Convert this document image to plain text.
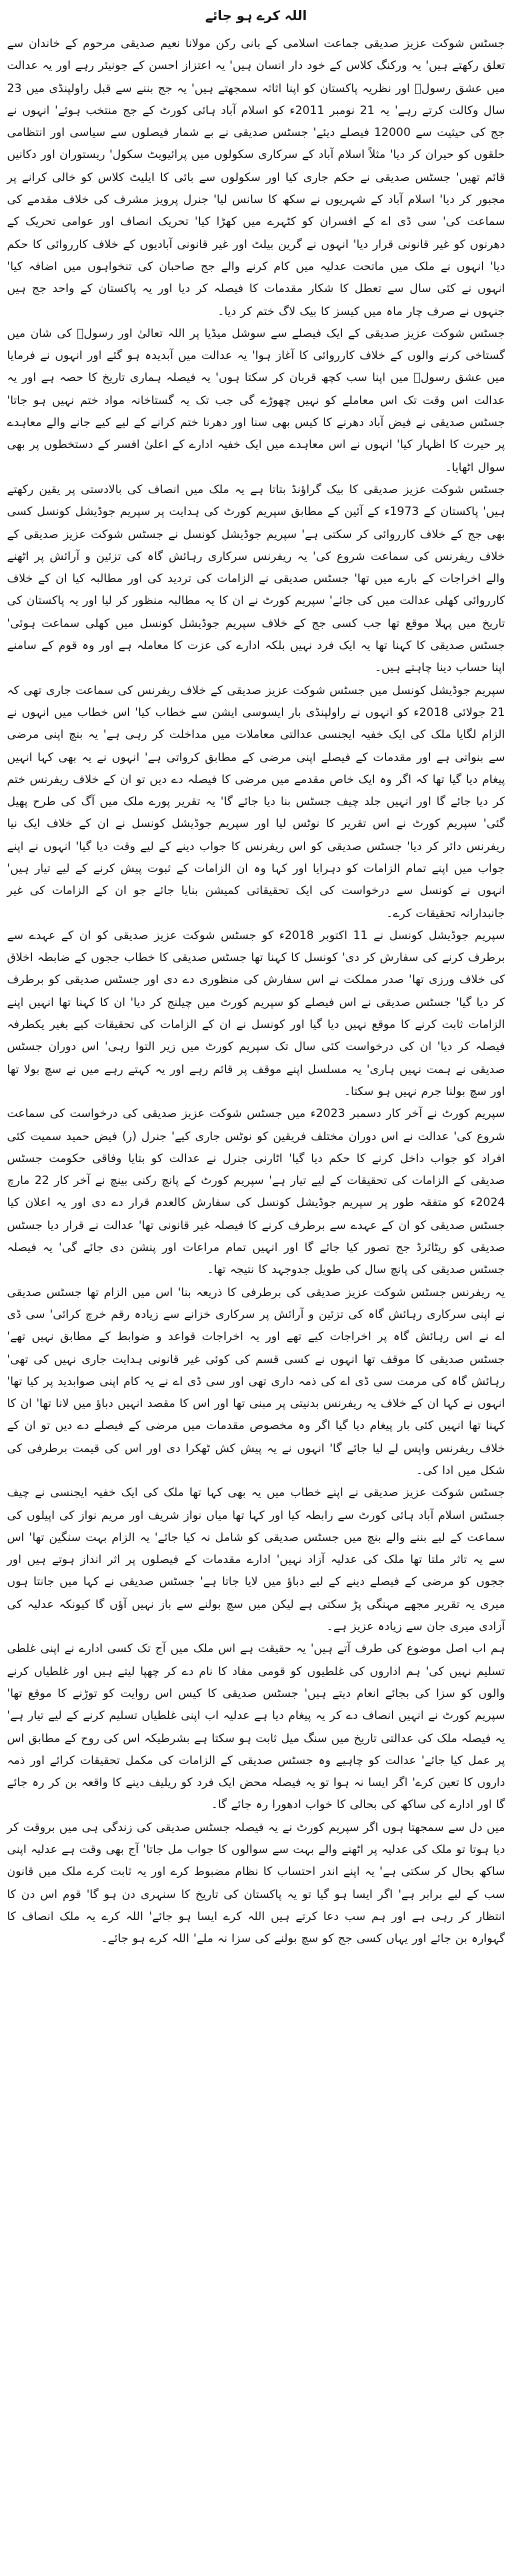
اللہ کرے ہو جائے

جسٹس شوکت عزیز صدیقی جماعت اسلامی کے بانی رکن مولانا نعیم صدیقی مرحوم کے خاندان سے تعلق رکھتے ہیں' یہ ورکنگ کلاس کے خود دار انسان ہیں' یہ اعتزاز احسن کے جونیئر رہے اور یہ عدالت میں عشق رسولؐ اور نظریہ پاکستان کو اپنا اثاثہ سمجھتے ہیں' یہ جج بننے سے قبل راولپنڈی میں 23 سال وکالت کرتے رہے' یہ 21 نومبر 2011ء کو اسلام آباد ہائی کورٹ کے جج منتخب ہوئے' انہوں نے جج کی حیثیت سے 12000 فیصلے دیئے' جسٹس صدیقی نے بے شمار فیصلوں سے سیاسی اور انتظامی حلقوں کو حیران کر دیا' مثلاً اسلام آباد کے سرکاری سکولوں میں پرائیویٹ سکول' ریستوران اور دکانیں قائم تھیں' جسٹس صدیقی نے حکم جاری کیا اور سکولوں سے بائی کا ایلیٹ کلاس کو خالی کرانے پر مجبور کر دیا' اسلام آباد کے شہریوں نے سکھ کا سانس لیا' جنرل پرویز مشرف کی خلاف مقدمے کی سماعت کی' سی ڈی اے کے افسران کو کٹہرے میں کھڑا کیا' تحریک انصاف اور عوامی تحریک کے دھرنوں کو غیر قانونی قرار دیا' انہوں نے گرین بیلٹ اور غیر قانونی آبادیوں کے خلاف کارروائی کا حکم دیا' انہوں نے ملک میں ماتحت عدلیہ میں کام کرنے والے جج صاحبان کی تنخواہوں میں اضافہ کیا' انہوں نے کئی سال سے تعطل کا شکار مقدمات کا فیصلہ کر دیا اور یہ پاکستان کے واحد جج ہیں جنہوں نے صرف چار ماہ میں کیسز کا بیک لاگ ختم کر دیا۔

جسٹس شوکت عزیز صدیقی کے ایک فیصلے سے سوشل میڈیا پر اللہ تعالیٰ اور رسولؐ کی شان میں گستاخی کرنے والوں کے خلاف کارروائی کا آغاز ہوا' یہ عدالت میں آبدیدہ ہو گئے اور انہوں نے فرمایا میں عشق رسولؐ میں اپنا سب کچھ قربان کر سکتا ہوں' یہ فیصلہ ہماری تاریخ کا حصہ ہے اور یہ عدالت اس وقت تک اس معاملے کو نہیں چھوڑے گی جب تک یہ گستاخانہ مواد ختم نہیں ہو جاتا' جسٹس صدیقی نے فیض آباد دھرنے کا کیس بھی سنا اور دھرنا ختم کرانے کے لیے کیے جانے والے معاہدے پر حیرت کا اظہار کیا' انہوں نے اس معاہدے میں ایک خفیہ ادارے کے اعلیٰ افسر کے دستخطوں پر بھی سوال اٹھایا۔

جسٹس شوکت عزیز صدیقی کا بیک گراؤنڈ بتاتا ہے یہ ملک میں انصاف کی بالادستی پر یقین رکھتے ہیں' پاکستان کے 1973ء کے آئین کے مطابق سپریم کورٹ کی ہدایت پر سپریم جوڈیشل کونسل کسی بھی جج کے خلاف کارروائی کر سکتی ہے' سپریم جوڈیشل کونسل نے جسٹس شوکت عزیز صدیقی کے خلاف ریفرنس کی سماعت شروع کی' یہ ریفرنس سرکاری رہائش گاہ کی تزئین و آرائش پر اٹھنے والے اخراجات کے بارے میں تھا' جسٹس صدیقی نے الزامات کی تردید کی اور مطالبہ کیا ان کے خلاف کارروائی کھلی عدالت میں کی جائے' سپریم کورٹ نے ان کا یہ مطالبہ منظور کر لیا اور یہ پاکستان کی تاریخ میں پہلا موقع تھا جب کسی جج کے خلاف سپریم جوڈیشل کونسل میں کھلی سماعت ہوئی' جسٹس صدیقی کا کہنا تھا یہ ایک فرد نہیں بلکہ ادارے کی عزت کا معاملہ ہے اور وہ قوم کے سامنے اپنا حساب دینا چاہتے ہیں۔

سپریم جوڈیشل کونسل میں جسٹس شوکت عزیز صدیقی کے خلاف ریفرنس کی سماعت جاری تھی کہ 21 جولائی 2018ء کو انہوں نے راولپنڈی بار ایسوسی ایشن سے خطاب کیا' اس خطاب میں انہوں نے الزام لگایا ملک کی ایک خفیہ ایجنسی عدالتی معاملات میں مداخلت کر رہی ہے' یہ بنچ اپنی مرضی سے بنواتی ہے اور مقدمات کے فیصلے اپنی مرضی کے مطابق کرواتی ہے' انہوں نے یہ بھی کہا انہیں پیغام دیا گیا تھا کہ اگر وہ ایک خاص مقدمے میں مرضی کا فیصلہ دے دیں تو ان کے خلاف ریفرنس ختم کر دیا جائے گا اور انہیں جلد چیف جسٹس بنا دیا جائے گا' یہ تقریر پورے ملک میں آگ کی طرح پھیل گئی' سپریم کورٹ نے اس تقریر کا نوٹس لیا اور سپریم جوڈیشل کونسل نے ان کے خلاف ایک نیا ریفرنس دائر کر دیا' جسٹس صدیقی کو اس ریفرنس کا جواب دینے کے لیے وقت دیا گیا' انہوں نے اپنے جواب میں اپنے تمام الزامات کو دہرایا اور کہا وہ ان الزامات کے ثبوت پیش کرنے کے لیے تیار ہیں' انہوں نے کونسل سے درخواست کی ایک تحقیقاتی کمیشن بنایا جائے جو ان کے الزامات کی غیر جانبدارانہ تحقیقات کرے۔

سپریم جوڈیشل کونسل نے 11 اکتوبر 2018ء کو جسٹس شوکت عزیز صدیقی کو ان کے عہدے سے برطرف کرنے کی سفارش کر دی' کونسل کا کہنا تھا جسٹس صدیقی کا خطاب ججوں کے ضابطہ اخلاق کی خلاف ورزی تھا' صدر مملکت نے اس سفارش کی منظوری دے دی اور جسٹس صدیقی کو برطرف کر دیا گیا' جسٹس صدیقی نے اس فیصلے کو سپریم کورٹ میں چیلنج کر دیا' ان کا کہنا تھا انہیں اپنے الزامات ثابت کرنے کا موقع نہیں دیا گیا اور کونسل نے ان کے الزامات کی تحقیقات کیے بغیر یکطرفہ فیصلہ کر دیا' ان کی درخواست کئی سال تک سپریم کورٹ میں زیر التوا رہی' اس دوران جسٹس صدیقی نے ہمت نہیں ہاری' یہ مسلسل اپنے موقف پر قائم رہے اور یہ کہتے رہے میں نے سچ بولا تھا اور سچ بولنا جرم نہیں ہو سکتا۔

سپریم کورٹ نے آخر کار دسمبر 2023ء میں جسٹس شوکت عزیز صدیقی کی درخواست کی سماعت شروع کی' عدالت نے اس دوران مختلف فریقین کو نوٹس جاری کیے' جنرل (ر) فیض حمید سمیت کئی افراد کو جواب داخل کرنے کا حکم دیا گیا' اٹارنی جنرل نے عدالت کو بتایا وفاقی حکومت جسٹس صدیقی کے الزامات کی تحقیقات کے لیے تیار ہے' سپریم کورٹ کے پانچ رکنی بینچ نے آخر کار 22 مارچ 2024ء کو متفقہ طور پر سپریم جوڈیشل کونسل کی سفارش کالعدم قرار دے دی اور یہ اعلان کیا جسٹس صدیقی کو ان کے عہدے سے برطرف کرنے کا فیصلہ غیر قانونی تھا' عدالت نے قرار دیا جسٹس صدیقی کو ریٹائرڈ جج تصور کیا جائے گا اور انہیں تمام مراعات اور پنشن دی جائے گی' یہ فیصلہ جسٹس صدیقی کی پانچ سال کی طویل جدوجہد کا نتیجہ تھا۔

یہ ریفرنس جسٹس شوکت عزیز صدیقی کی برطرفی کا ذریعہ بنا' اس میں الزام تھا جسٹس صدیقی نے اپنی سرکاری رہائش گاہ کی تزئین و آرائش پر سرکاری خزانے سے زیادہ رقم خرچ کرائی' سی ڈی اے نے اس رہائش گاہ پر اخراجات کیے تھے اور یہ اخراجات قواعد و ضوابط کے مطابق نہیں تھے' جسٹس صدیقی کا موقف تھا انہوں نے کسی قسم کی کوئی غیر قانونی ہدایت جاری نہیں کی تھی' رہائش گاہ کی مرمت سی ڈی اے کی ذمہ داری تھی اور سی ڈی اے نے یہ کام اپنی صوابدید پر کیا تھا' انہوں نے کہا ان کے خلاف یہ ریفرنس بدنیتی پر مبنی تھا اور اس کا مقصد انہیں دباؤ میں لانا تھا' ان کا کہنا تھا انہیں کئی بار پیغام دیا گیا اگر وہ مخصوص مقدمات میں مرضی کے فیصلے دے دیں تو ان کے خلاف ریفرنس واپس لے لیا جائے گا' انہوں نے یہ پیش کش ٹھکرا دی اور اس کی قیمت برطرفی کی شکل میں ادا کی۔

جسٹس شوکت عزیز صدیقی نے اپنے خطاب میں یہ بھی کہا تھا ملک کی ایک خفیہ ایجنسی نے چیف جسٹس اسلام آباد ہائی کورٹ سے رابطہ کیا اور کہا تھا میاں نواز شریف اور مریم نواز کی اپیلوں کی سماعت کے لیے بننے والے بنچ میں جسٹس صدیقی کو شامل نہ کیا جائے' یہ الزام بہت سنگین تھا' اس سے یہ تاثر ملتا تھا ملک کی عدلیہ آزاد نہیں' ادارے مقدمات کے فیصلوں پر اثر انداز ہوتے ہیں اور ججوں کو مرضی کے فیصلے دینے کے لیے دباؤ میں لایا جاتا ہے' جسٹس صدیقی نے کہا میں جانتا ہوں میری یہ تقریر مجھے مہنگی پڑ سکتی ہے لیکن میں سچ بولنے سے باز نہیں آؤں گا کیونکہ عدلیہ کی آزادی میری جان سے زیادہ عزیز ہے۔

ہم اب اصل موضوع کی طرف آتے ہیں' یہ حقیقت ہے اس ملک میں آج تک کسی ادارے نے اپنی غلطی تسلیم نہیں کی' ہم اداروں کی غلطیوں کو قومی مفاد کا نام دے کر چھپا لیتے ہیں اور غلطیاں کرنے والوں کو سزا کی بجائے انعام دیتے ہیں' جسٹس صدیقی کا کیس اس روایت کو توڑنے کا موقع تھا' سپریم کورٹ نے انہیں انصاف دے کر یہ پیغام دیا ہے عدلیہ اب اپنی غلطیاں تسلیم کرنے کے لیے تیار ہے' یہ فیصلہ ملک کی عدالتی تاریخ میں سنگ میل ثابت ہو سکتا ہے بشرطیکہ اس کی روح کے مطابق اس پر عمل کیا جائے' عدالت کو چاہیے وہ جسٹس صدیقی کے الزامات کی مکمل تحقیقات کرائے اور ذمہ داروں کا تعین کرے' اگر ایسا نہ ہوا تو یہ فیصلہ محض ایک فرد کو ریلیف دینے کا واقعہ بن کر رہ جائے گا اور ادارے کی ساکھ کی بحالی کا خواب ادھورا رہ جائے گا۔

میں دل سے سمجھتا ہوں اگر سپریم کورٹ نے یہ فیصلہ جسٹس صدیقی کی زندگی ہی میں بروقت کر دیا ہوتا تو ملک کی عدلیہ پر اٹھنے والے بہت سے سوالوں کا جواب مل جاتا' آج بھی وقت ہے عدلیہ اپنی ساکھ بحال کر سکتی ہے' یہ اپنے اندر احتساب کا نظام مضبوط کرے اور یہ ثابت کرے ملک میں قانون سب کے لیے برابر ہے' اگر ایسا ہو گیا تو یہ پاکستان کی تاریخ کا سنہری دن ہو گا' قوم اس دن کا انتظار کر رہی ہے اور ہم سب دعا کرتے ہیں اللہ کرے ایسا ہو جائے' اللہ کرے یہ ملک انصاف کا گہوارہ بن جائے اور یہاں کسی جج کو سچ بولنے کی سزا نہ ملے' اللہ کرے ہو جائے۔
